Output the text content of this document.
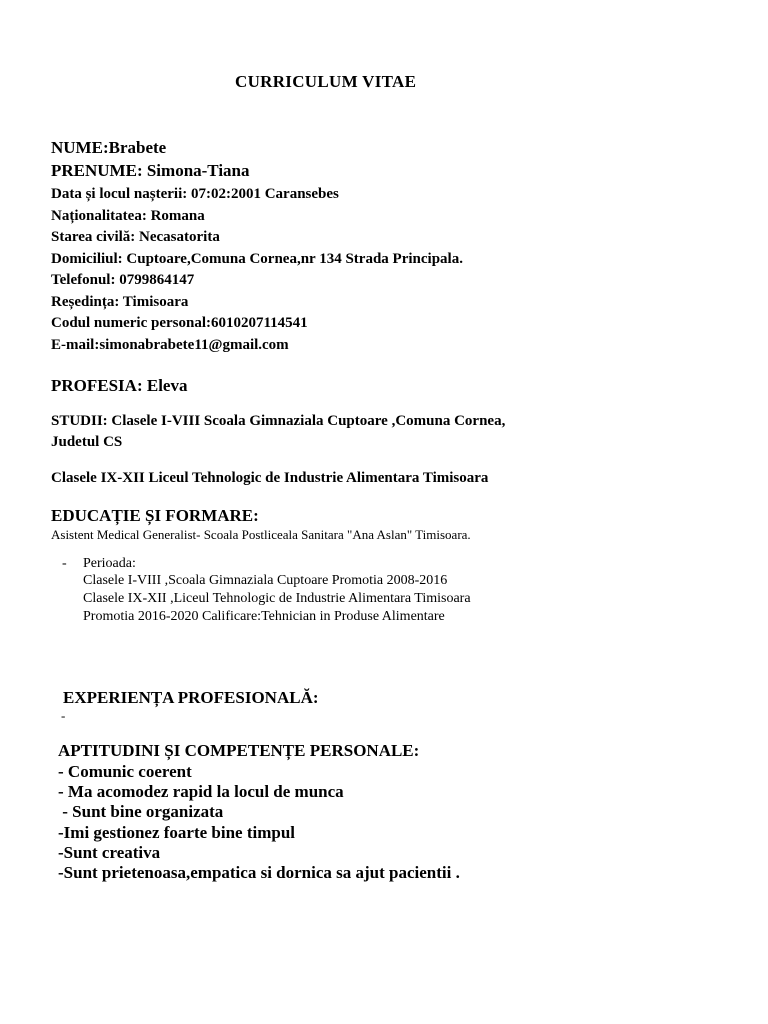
CURRICULUM VITAE
NUME:Brabete
PRENUME: Simona-Tiana
Data și locul nașterii: 07:02:2001 Caransebes
Naționalitatea: Romana
Starea civilă: Necasatorita
Domiciliul: Cuptoare,Comuna Cornea,nr 134 Strada Principala.
Telefonul: 0799864147
Reședința: Timisoara
Codul numeric personal:6010207114541
E-mail:simonabrabete11@gmail.com
PROFESIA: Eleva
STUDII: Clasele I-VIII Scoala Gimnaziala Cuptoare ,Comuna Cornea,
Judetul CS
Clasele IX-XII Liceul Tehnologic de Industrie Alimentara Timisoara
EDUCAȚIE ȘI FORMARE:
Asistent Medical Generalist- Scoala Postliceala Sanitara "Ana Aslan" Timisoara.
- Perioada:
Clasele I-VIII ,Scoala Gimnaziala Cuptoare Promotia 2008-2016
Clasele IX-XII ,Liceul Tehnologic de Industrie Alimentara Timisoara
Promotia 2016-2020 Calificare:Tehnician in Produse Alimentare
EXPERIENȚA PROFESIONALĂ:
-
APTITUDINI ȘI COMPETENȚE PERSONALE:
- Comunic coerent
- Ma acomodez rapid la locul de munca
- Sunt bine organizata
-Imi gestionez foarte bine timpul
-Sunt creativa
-Sunt prietenoasa,empatica si dornica sa ajut pacientii .
